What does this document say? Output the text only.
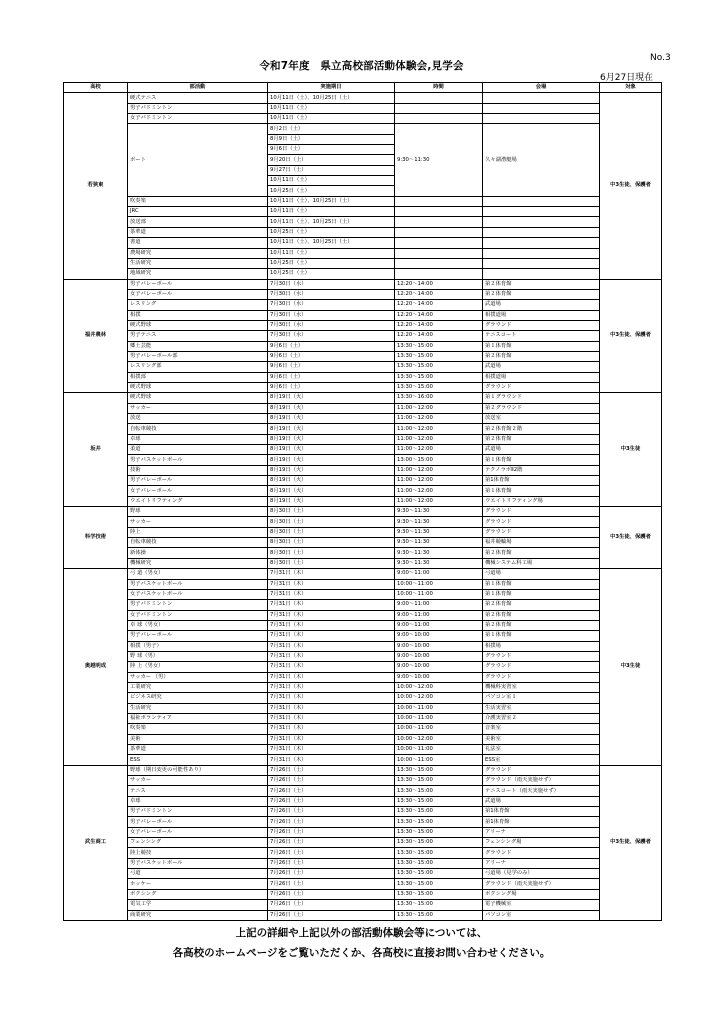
No.3
令和7年度　県立高校部活動体験会,見学会
6月27日現在
高校	部活動	実施期日	時間	会場	対象
若狭東	硬式テニス	10月11日（土）、10月25日（土）			中3生徒、保護者
	男子バドミントン	10月11日（土）			
	女子バドミントン	10月11日（土）			
	ボート	8月2日（土）	9:30～11:30	久々湖漕艇場	
		8月9日（土）			
		9月6日（土）			
		9月20日（土）			
		9月27日（土）			
		10月11日（土）			
		10月25日（土）			
	吹奏楽	10月11日（土）、10月25日（土）			
	JRC	10月11日（土）			
	放送部	10月11日（土）、10月25日（土）			
	茶華道	10月25日（土）			
	書道	10月11日（土）、10月25日（土）			
	農場研究	10月11日（土）			
	生活研究	10月25日（土）			
	地域研究	10月25日（土）			
福井農林	男子バレーボール	7月30日（水）	12:20～14:00	第２体育館	中3生徒、保護者
	女子バレーボール	7月30日（水）	12:20～14:00	第２体育館	
	レスリング	7月30日（水）	12:20～14:00	武道場	
	相撲	7月30日（水）	12:20～14:00	相撲道場	
	硬式野球	7月30日（水）	12:20～14:00	グラウンド	
	男子テニス	7月30日（水）	12:20～14:00	テニスコート	
	郷土芸能	9月6日（土）	13:30～15:00	第１体育館	
	男子バレーボール部	9月6日（土）	13:30～15:00	第２体育館	
	レスリング部	9月6日（土）	13:30～15:00	武道場	
	相撲部	9月6日（土）	13:30～15:00	相撲道場	
	硬式野球	9月6日（土）	13:30～15:00	グラウンド	
坂井	硬式野球	8月19日（火）	13:30～16:00	第１グラウンド	中3生徒
	サッカー	8月19日（火）	11:00～12:00	第２グラウンド	
	放送	8月19日（火）	11:00～12:00	放送室	
	自転車競技	8月19日（火）	11:00～12:00	第２体育館２階	
	卓球	8月19日（火）	11:00～12:00	第２体育館	
	柔道	8月19日（火）	11:00～12:00	武道場	
	男子バスケットボール	8月19日（火）	13:00～15:00	第１体育館	
	技術	8月19日（火）	11:00～12:00	テクノラボⅡ2階	
	男子バレーボール	8月19日（火）	11:00～12:00	第1体育館	
	女子バレーボール	8月19日（火）	11:00～12:00	第１体育館	
	ウエイトリフティング	8月19日（火）	11:00～12:00	ウエイトリフティング場	
科学技術	野球	8月30日（土）	9:30～11:30	グラウンド	中3生徒、保護者
	サッカー	8月30日（土）	9:30～11:30	グラウンド	
	陸上	8月30日（土）	9:30～11:30	グラウンド	
	自転車競技	8月30日（土）	9:30～11:30	福井競輪場	
	新体操	8月30日（土）	9:30～11:30	第２体育館	
	機械研究	8月30日（土）	9:30～11:30	機械システム科工場	
奥越明成	弓 道（男女）	7月31日（木）	9:00～11:00	弓道場	中3生徒
	男子バスケットボール	7月31日（木）	10:00～11:00	第１体育館	
	女子バスケットボール	7月31日（木）	10:00～11:00	第１体育館	
	男子バドミントン	7月31日（木）	9:00～11:00	第２体育館	
	女子バドミントン	7月31日（木）	9:00～11:00	第２体育館	
	卓 球（男女）	7月31日（木）	9:00～11:00	第２体育館	
	男子バレーボール	7月31日（木）	9:00～10:00	第１体育館	
	相撲（男子）	7月31日（木）	9:00～10:00	相撲場	
	野 球（男）	7月31日（木）	9:00～10:00	グラウンド	
	陸 上（男女）	7月31日（木）	9:00～10:00	グラウンド	
	サッカー （男）	7月31日（木）	9:00～10:00	グラウンド	
	工業研究	7月31日（木）	10:00～12:00	機械科実習室	
	ビジネス研究	7月31日（木）	10:00～12:00	パソコン室１	
	生活研究	7月31日（木）	10:00～11:00	生活実習室	
	福祉ボランティア	7月31日（木）	10:00～11:00	介護実習室２	
	吹奏楽	7月31日（木）	10:00～11:00	音楽室	
	美術	7月31日（木）	10:00～12:00	美術室	
	茶華道	7月31日（木）	10:00～11:00	礼法室	
	ESS	7月31日（木）	10:00～11:00	ESS室	
武生商工	野球（期日変更の可能性あり）	7月26日（土）	13:30～15:00	グラウンド	中3生徒、保護者
	サッカー	7月26日（土）	13:30～15:00	グラウンド（雨天実施せず）	
	テニス	7月26日（土）	13:30～15:00	テニスコート（雨天実施せず）	
	卓球	7月26日（土）	13:30～15:00	武道場	
	男子バドミントン	7月26日（土）	13:30～15:00	第1体育館	
	男子バレーボール	7月26日（土）	13:30～15:00	第1体育館	
	女子バレーボール	7月26日（土）	13:30～15:00	アリーナ	
	フェンシング	7月26日（土）	13:30～15:00	フェンシング場	
	陸上競技	7月26日（土）	13:30～15:00	グラウンド	
	男子バスケットボール	7月26日（土）	13:30～15:00	アリーナ	
	弓道	7月26日（土）	13:30～15:00	弓道場（見学のみ）	
	ホッケー	7月26日（土）	13:30～15:00	グラウンド（雨天実施せず）	
	ボクシング	7月26日（土）	13:30～15:00	ボクシング場	
	電気工学	7月26日（土）	13:30～15:00	電子機械室	
	商業研究	7月26日（土）	13:30～15:00	パソコン室	
上記の詳細や上記以外の部活動体験会等については、
各高校のホームページをご覧いただくか、各高校に直接お問い合わせください。
